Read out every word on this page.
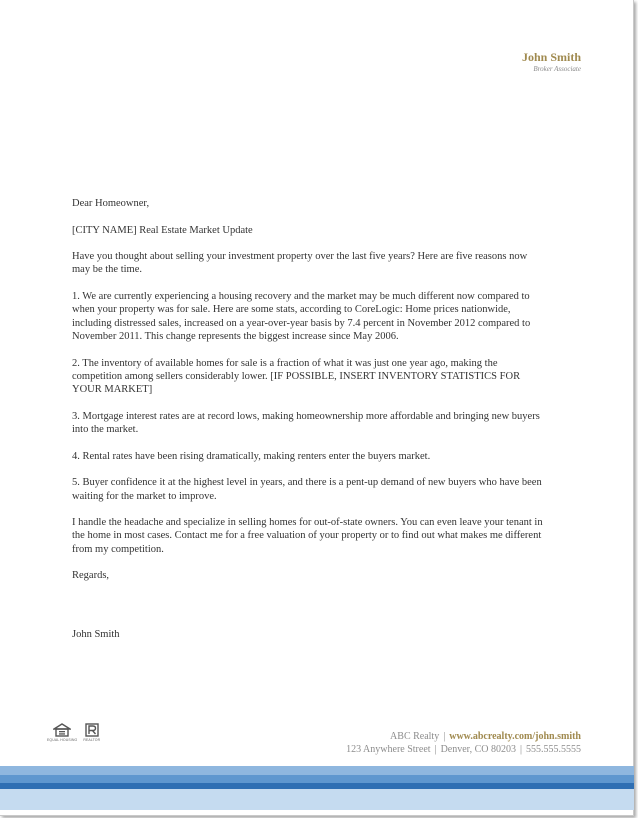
John Smith
Broker Associate

Dear Homeowner,

[CITY NAME] Real Estate Market Update

Have you thought about selling your investment property over the last five years? Here are five reasons now may be the time.

1. We are currently experiencing a housing recovery and the market may be much different now compared to when your property was for sale. Here are some stats, according to CoreLogic: Home prices nationwide, including distressed sales, increased on a year-over-year basis by 7.4 percent in November 2012 compared to November 2011. This change represents the biggest increase since May 2006.

2. The inventory of available homes for sale is a fraction of what it was just one year ago, making the competition among sellers considerably lower. [IF POSSIBLE, INSERT INVENTORY STATISTICS FOR YOUR MARKET]

3. Mortgage interest rates are at record lows, making homeownership more affordable and bringing new buyers into the market.

4. Rental rates have been rising dramatically, making renters enter the buyers market.

5. Buyer confidence it at the highest level in years, and there is a pent-up demand of new buyers who have been waiting for the market to improve.

I handle the headache and specialize in selling homes for out-of-state owners. You can even leave your tenant in the home in most cases. Contact me for a free valuation of your property or to find out what makes me different from my competition.

Regards,

John Smith

EQUAL HOUSING REALTOR	ABC Realty | www.abcrealty.com/john.smith
123 Anywhere Street | Denver, CO 80203 | 555.555.5555
